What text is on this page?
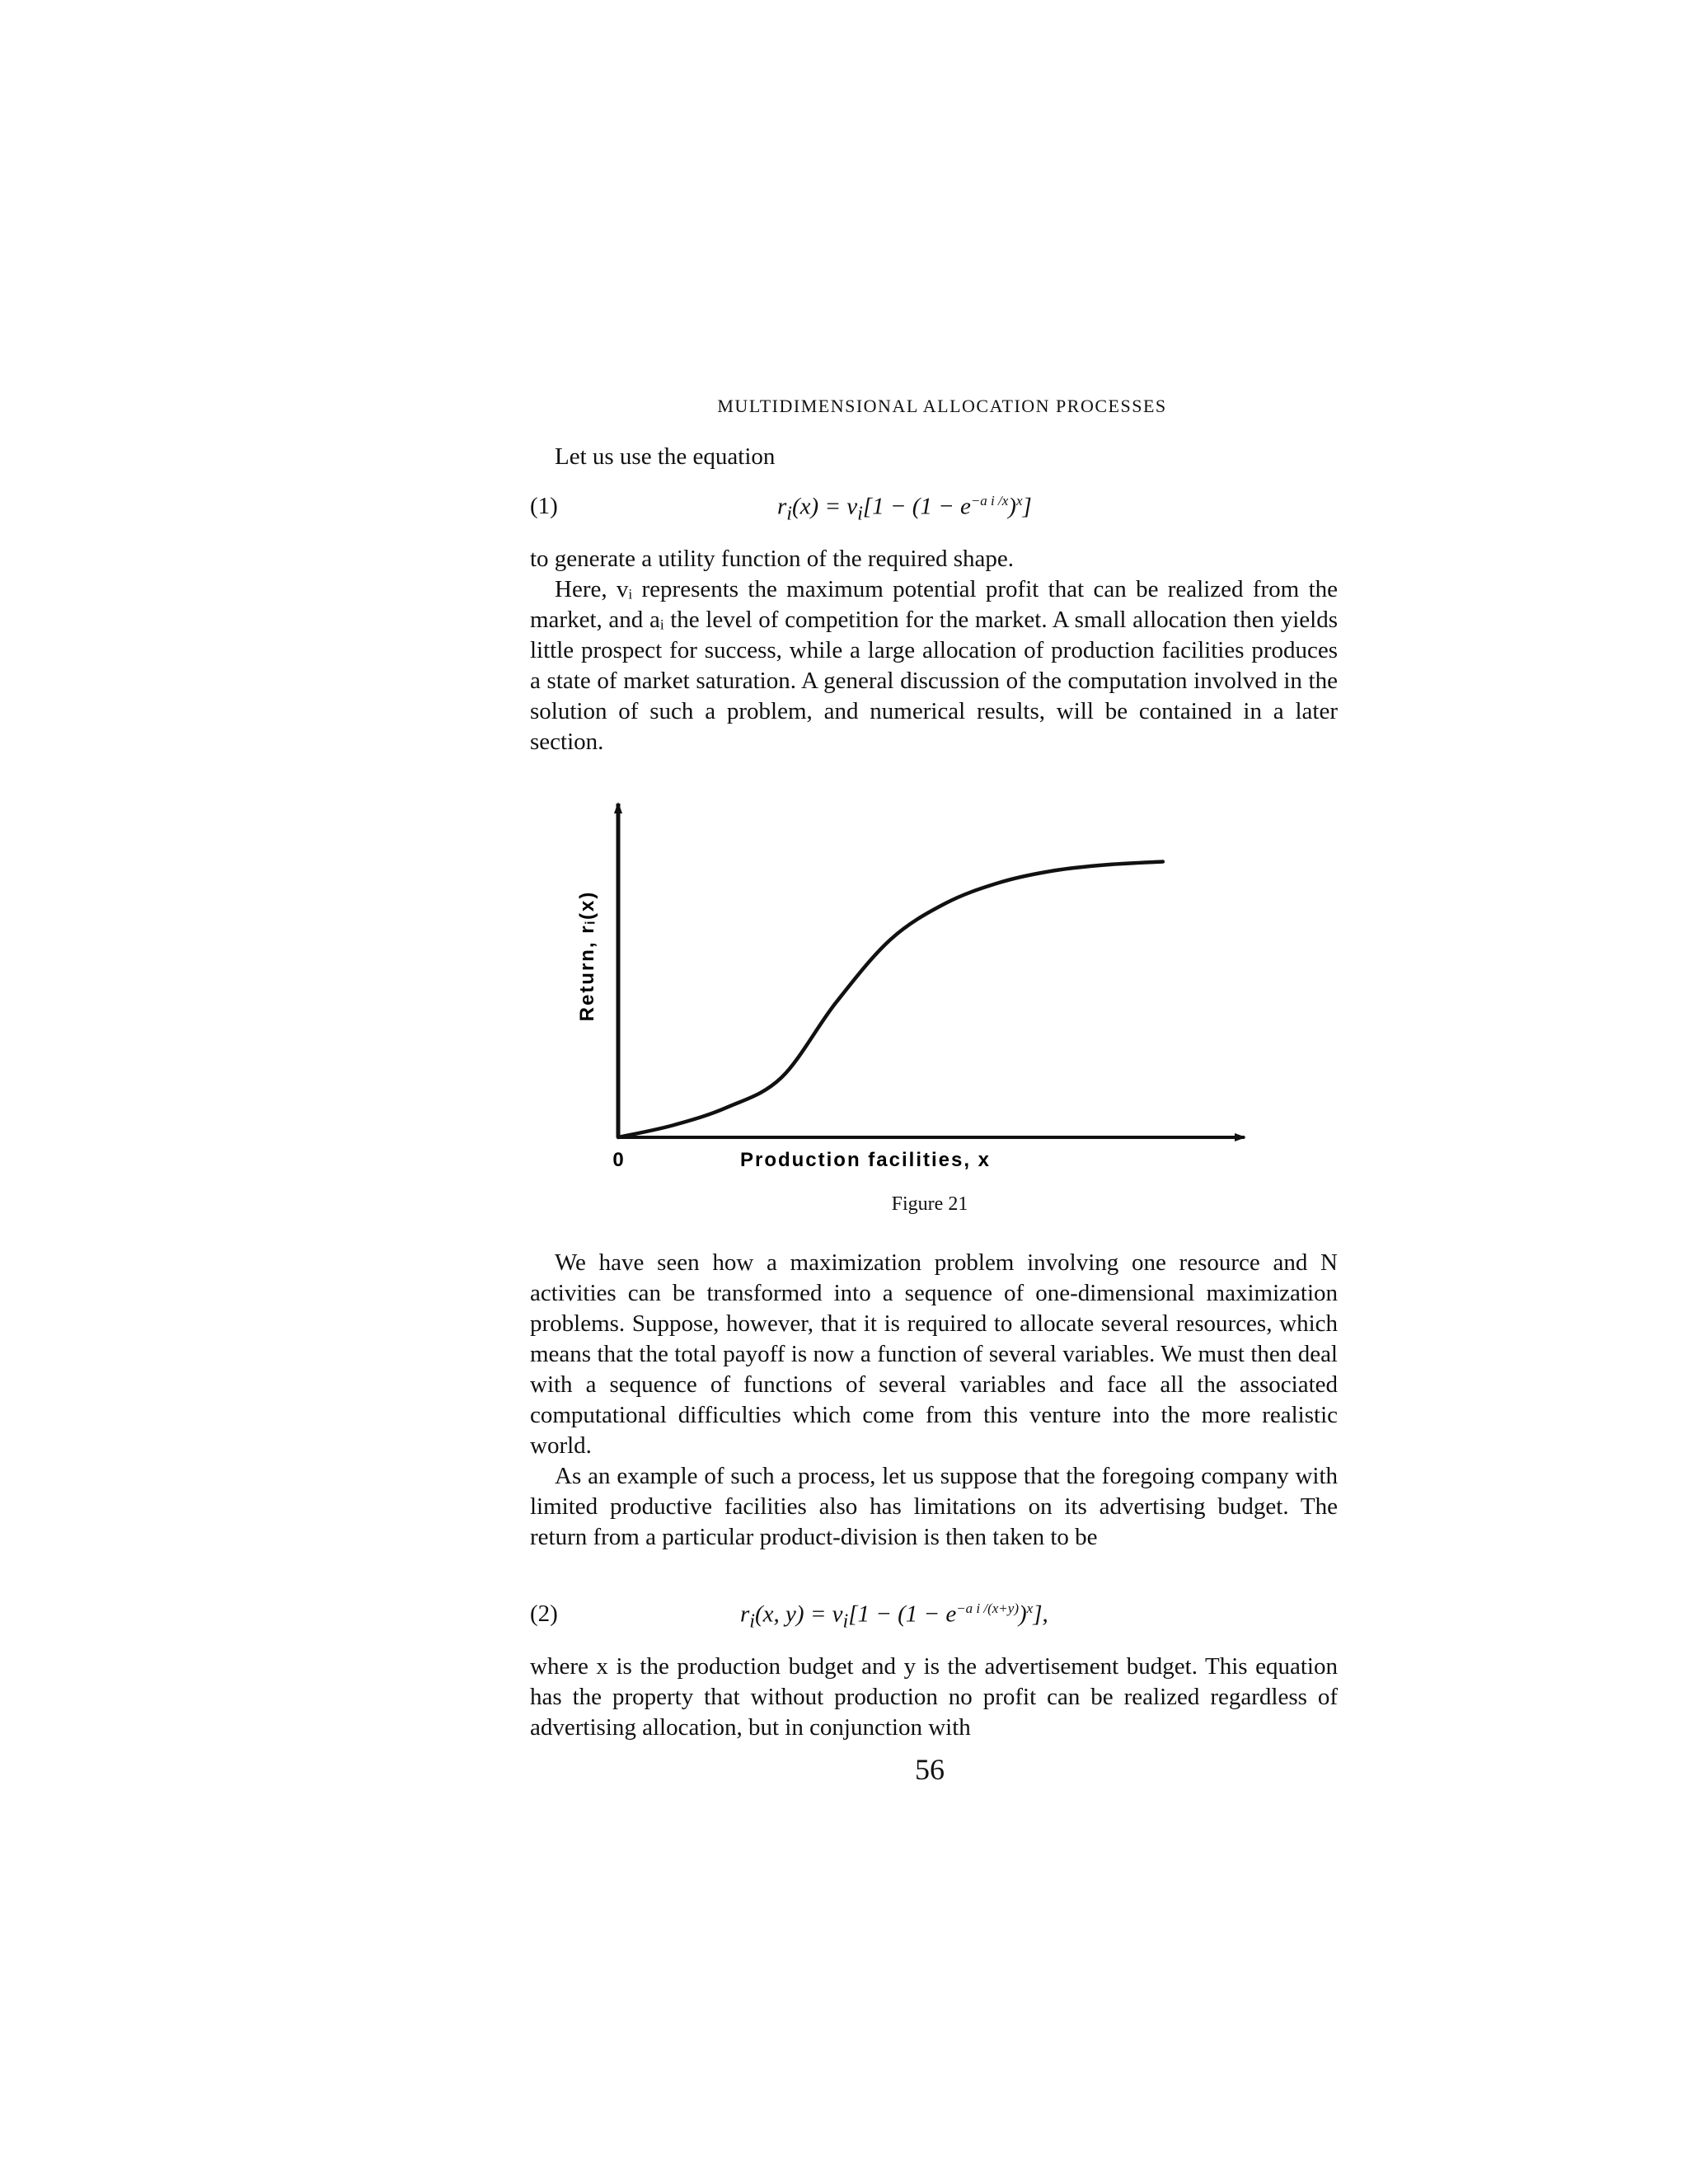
MULTIDIMENSIONAL ALLOCATION PROCESSES

Let us use the equation

(1)	$r_i(x) = v_i[1 - (1 - e^{-a i /x})^x]$

to generate a utility function of the required shape.

Here, vᵢ represents the maximum potential profit that can be realized from the market, and aᵢ the level of competition for the market. A small allocation then yields little prospect for success, while a large allocation of production facilities produces a state of market saturation. A general discussion of the computation involved in the solution of such a problem, and numerical results, will be contained in a later section.

0	Production facilities, x
Return, rᵢ(x)
Figure 21

We have seen how a maximization problem involving one resource and N activities can be transformed into a sequence of one-dimensional maximization problems. Suppose, however, that it is required to allocate several resources, which means that the total payoff is now a function of several variables. We must then deal with a sequence of functions of several variables and face all the associated computational difficulties which come from this venture into the more realistic world.

As an example of such a process, let us suppose that the foregoing company with limited productive facilities also has limitations on its advertising budget. The return from a particular product-division is then taken to be

(2)	$r_i(x$, $y) = v_i[1 - (1 - e^{-a i /(x+y)})^x]$,

where x is the production budget and y is the advertisement budget. This equation has the property that without production no profit can be realized regardless of advertising allocation, but in conjunction with

56
